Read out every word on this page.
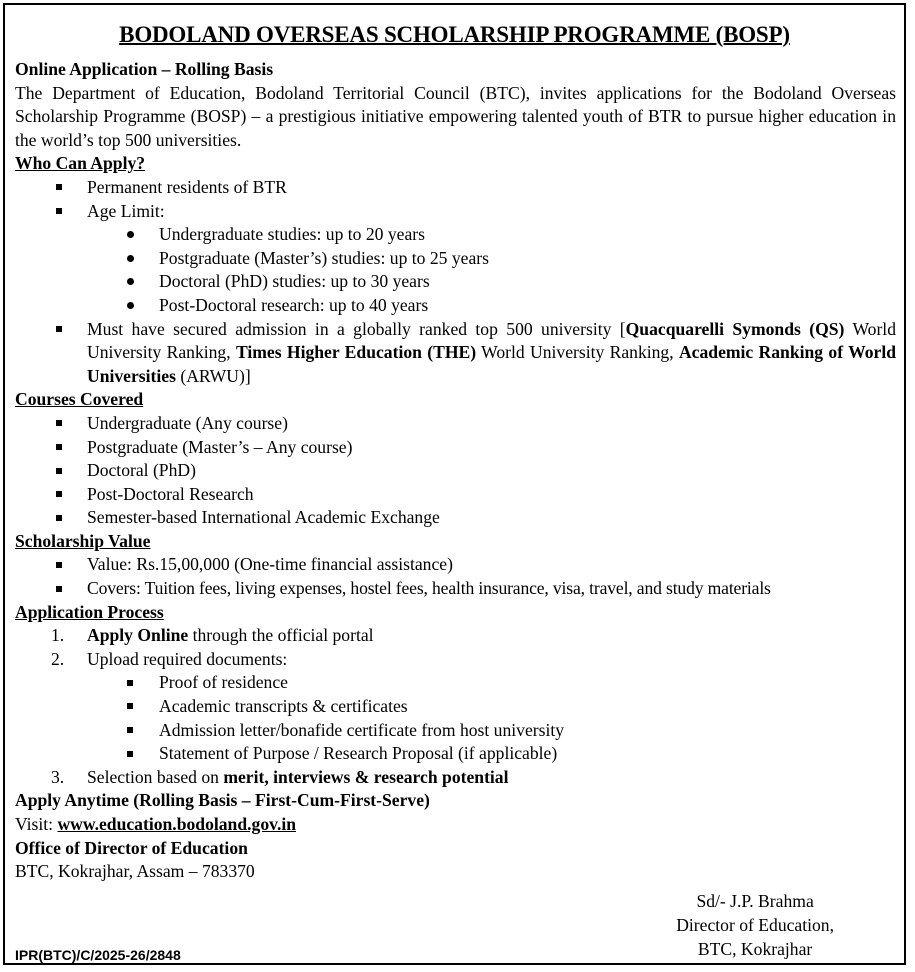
BODOLAND OVERSEAS SCHOLARSHIP PROGRAMME (BOSP)
Online Application – Rolling Basis
The Department of Education, Bodoland Territorial Council (BTC), invites applications for the Bodoland Overseas Scholarship Programme (BOSP) – a prestigious initiative empowering talented youth of BTR to pursue higher education in the world’s top 500 universities.
Who Can Apply?
Permanent residents of BTR
Age Limit:
Undergraduate studies: up to 20 years
Postgraduate (Master’s) studies: up to 25 years
Doctoral (PhD) studies: up to 30 years
Post-Doctoral research: up to 40 years
Must have secured admission in a globally ranked top 500 university [Quacquarelli Symonds (QS) World University Ranking, Times Higher Education (THE) World University Ranking, Academic Ranking of World Universities (ARWU)]
Courses Covered
Undergraduate (Any course)
Postgraduate (Master’s – Any course)
Doctoral (PhD)
Post-Doctoral Research
Semester-based International Academic Exchange
Scholarship Value
Value: Rs.15,00,000 (One-time financial assistance)
Covers: Tuition fees, living expenses, hostel fees, health insurance, visa, travel, and study materials
Application Process
1. Apply Online through the official portal
2. Upload required documents:
Proof of residence
Academic transcripts & certificates
Admission letter/bonafide certificate from host university
Statement of Purpose / Research Proposal (if applicable)
3. Selection based on merit, interviews & research potential
Apply Anytime (Rolling Basis – First-Cum-First-Serve)
Visit: www.education.bodoland.gov.in
Office of Director of Education
BTC, Kokrajhar, Assam – 783370
Sd/- J.P. Brahma
Director of Education,
BTC, Kokrajhar
IPR(BTC)/C/2025-26/2848
